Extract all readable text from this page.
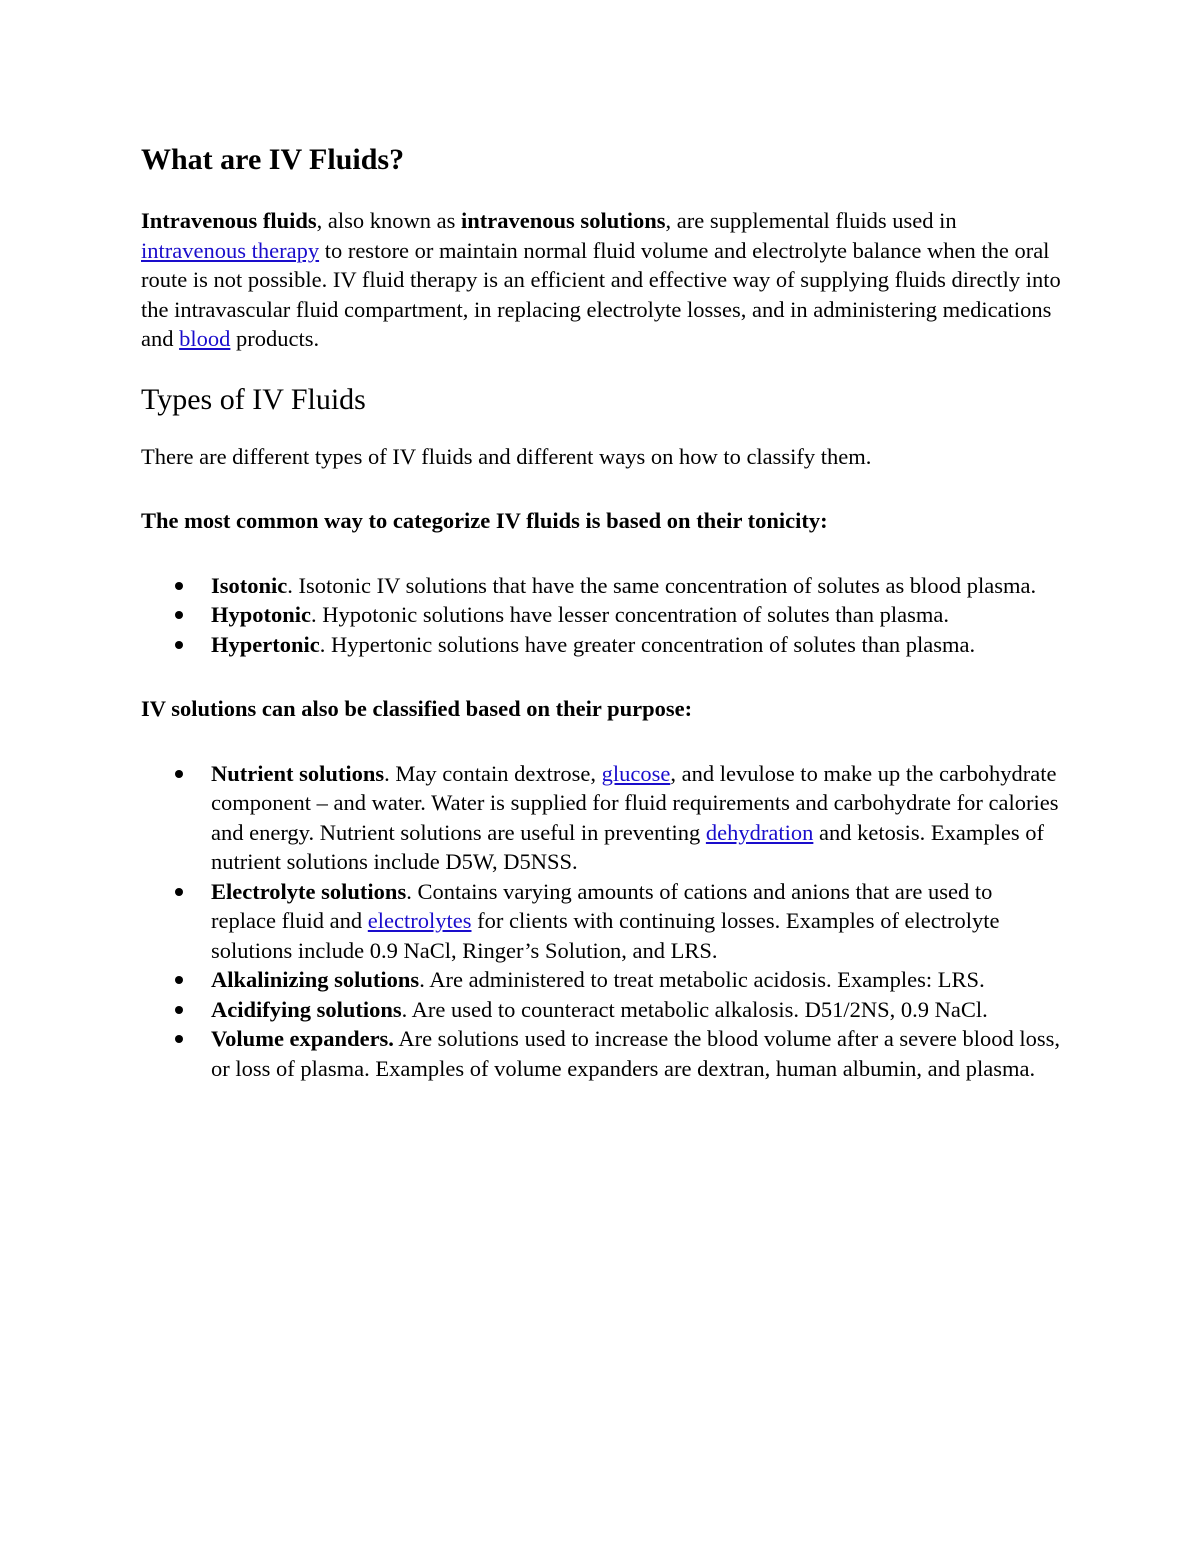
What are IV Fluids?

Intravenous fluids, also known as intravenous solutions, are supplemental fluids used in intravenous therapy to restore or maintain normal fluid volume and electrolyte balance when the oral route is not possible. IV fluid therapy is an efficient and effective way of supplying fluids directly into the intravascular fluid compartment, in replacing electrolyte losses, and in administering medications and blood products.

Types of IV Fluids

There are different types of IV fluids and different ways on how to classify them.

The most common way to categorize IV fluids is based on their tonicity:

Isotonic. Isotonic IV solutions that have the same concentration of solutes as blood plasma.
Hypotonic. Hypotonic solutions have lesser concentration of solutes than plasma.
Hypertonic. Hypertonic solutions have greater concentration of solutes than plasma.

IV solutions can also be classified based on their purpose:

Nutrient solutions. May contain dextrose, glucose, and levulose to make up the carbohydrate component – and water. Water is supplied for fluid requirements and carbohydrate for calories and energy. Nutrient solutions are useful in preventing dehydration and ketosis. Examples of nutrient solutions include D5W, D5NSS.
Electrolyte solutions. Contains varying amounts of cations and anions that are used to replace fluid and electrolytes for clients with continuing losses. Examples of electrolyte solutions include 0.9 NaCl, Ringer’s Solution, and LRS.
Alkalinizing solutions. Are administered to treat metabolic acidosis. Examples: LRS.
Acidifying solutions. Are used to counteract metabolic alkalosis. D51/2NS, 0.9 NaCl.
Volume expanders. Are solutions used to increase the blood volume after a severe blood loss, or loss of plasma. Examples of volume expanders are dextran, human albumin, and plasma.
